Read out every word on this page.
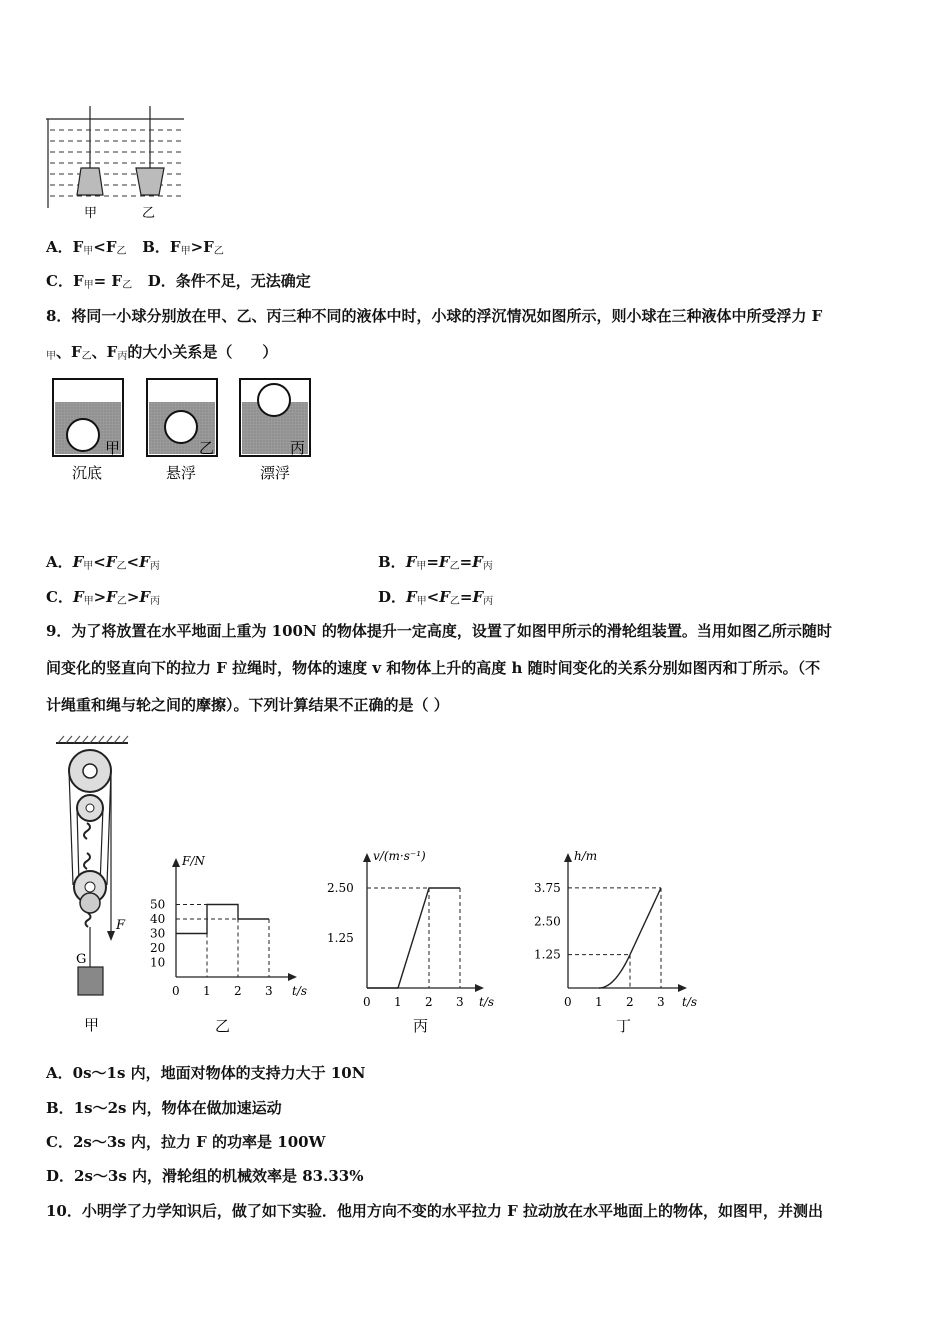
甲	乙
A．$F_甲<F_乙$ B．$F_甲>F_乙$
C．$F_甲= F_乙$ D．条件不足，无法确定
8．将同一小球分别放在甲、乙、丙三种不同的液体中时，小球的浮沉情况如图所示，则小球在三种液体中所受浮力 F
$_甲$、$F_乙$、$F_丙$的大小关系是（　　）
甲
沉底
乙
悬浮
丙
漂浮
A．$F_甲<F_乙<F_丙$	B．$F_甲=F_乙=F_丙$
C．$F_甲>F_乙>F_丙$	D．$F_甲<F_乙=F_丙$
9．为了将放置在水平地面上重为 100N 的物体提升一定高度，设置了如图甲所示的滑轮组装置。当用如图乙所示随时
间变化的竖直向下的拉力 F 拉绳时，物体的速度 v 和物体上升的高度 h 随时间变化的关系分别如图丙和丁所示。（不
计绳重和绳与轮之间的摩擦）。下列计算结果不正确的是（ ）
F
G
甲
F/N
t/s
0 1 2 3
10
20
30
40
50
乙
v/(m·s⁻¹)
t/s
0 1 2 3
1.25
2.50
丙
h/m
t/s
0 1 2 3
1.25
2.50
3.75
丁
A．0s～1s 内，地面对物体的支持力大于 10N
B．1s～2s 内，物体在做加速运动
C．2s～3s 内，拉力 F 的功率是 100W
D．2s～3s 内，滑轮组的机械效率是 83.33%
10．小明学了力学知识后，做了如下实验．他用方向不变的水平拉力 F 拉动放在水平地面上的物体，如图甲，并测出
